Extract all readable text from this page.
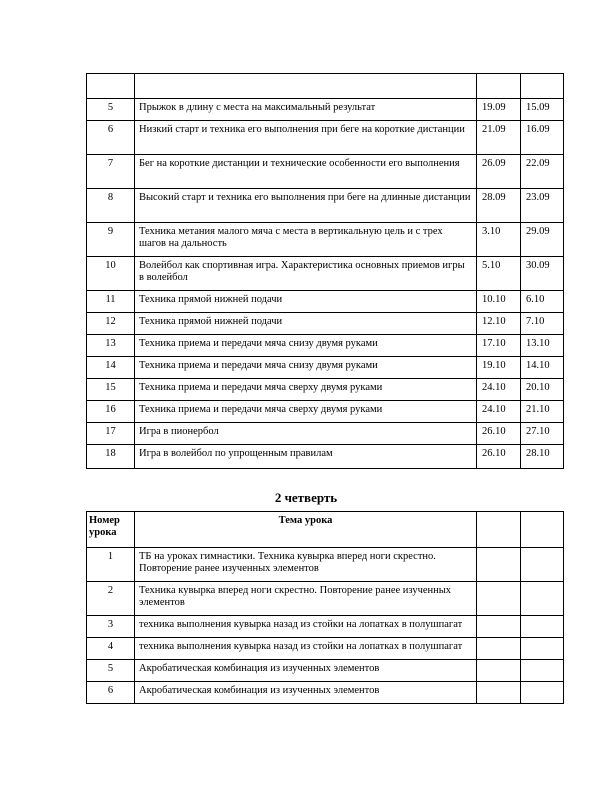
5	Прыжок в длину с места на максимальный результат	19.09	15.09
6	Низкий старт и техника его выполнения при беге на короткие дистанции	21.09	16.09
7	Бег на короткие дистанции и технические особенности его выполнения	26.09	22.09
8	Высокий старт и техника его выполнения при беге на длинные дистанции	28.09	23.09
9	Техника метания малого мяча с места в вертикальную цель и с трех шагов на дальность	3.10	29.09
10	Волейбол как спортивная игра. Характеристика основных приемов игры в волейбол	5.10	30.09
11	Техника прямой нижней подачи	10.10	6.10
12	Техника прямой нижней подачи	12.10	7.10
13	Техника приема и передачи мяча снизу двумя руками	17.10	13.10
14	Техника приема и передачи мяча снизу двумя руками	19.10	14.10
15	Техника приема и передачи мяча сверху двумя руками	24.10	20.10
16	Техника приема и передачи мяча сверху двумя руками	24.10	21.10
17	Игра в пионербол	26.10	27.10
18	Игра в волейбол по упрощенным правилам	26.10	28.10
2 четверть
Номер урока	Тема урока		
1	ТБ на уроках гимнастики. Техника кувырка вперед ноги скрестно. Повторение ранее изученных элементов		
2	Техника кувырка вперед ноги скрестно. Повторение ранее изученных элементов		
3	техника выполнения кувырка назад из стойки на лопатках в полушпагат		
4	техника выполнения кувырка назад из стойки на лопатках в полушпагат		
5	Акробатическая комбинация из изученных элементов		
6	Акробатическая комбинация из изученных элементов		
